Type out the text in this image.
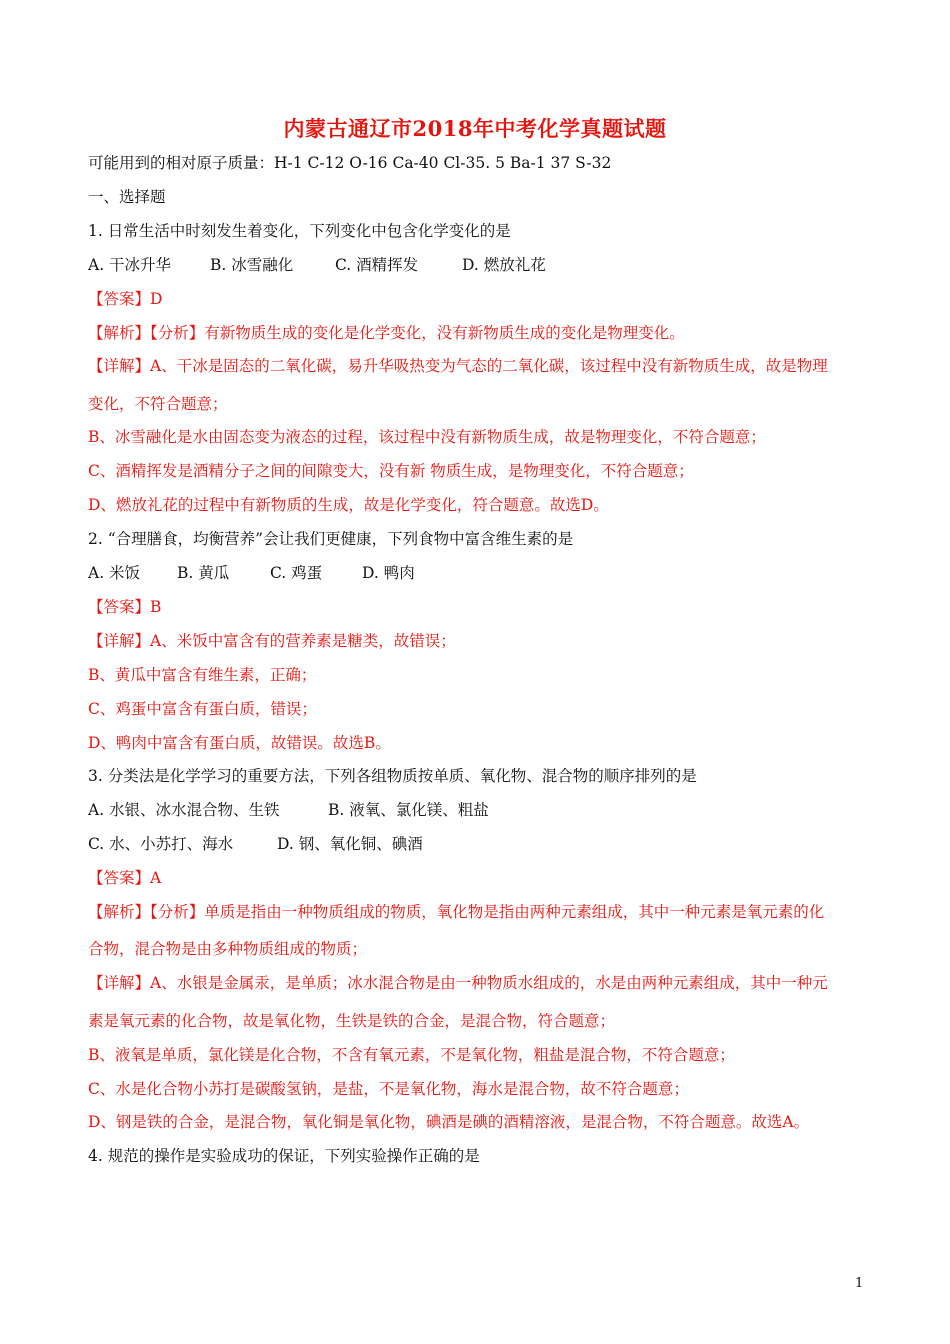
内蒙古通辽市2018年中考化学真题试题
可能用到的相对原子质量：H-1 C-12 O-16 Ca-40 Cl-35. 5 Ba-1 37 S-32
一、选择题
1. 日常生活中时刻发生着变化，下列变化中包含化学变化的是
A. 干冰升华	B. 冰雪融化	C. 酒精挥发	D. 燃放礼花
【答案】D
【解析】【分析】有新物质生成的变化是化学变化，没有新物质生成的变化是物理变化。
【详解】A、干冰是固态的二氧化碳，易升华吸热变为气态的二氧化碳，该过程中没有新物质生成，故是物理
变化，不符合题意；
B、冰雪融化是水由固态变为液态的过程，该过程中没有新物质生成，故是物理变化，不符合题意；
C、酒精挥发是酒精分子之间的间隙变大，没有新 物质生成，是物理变化，不符合题意；
D、燃放礼花的过程中有新物质的生成，故是化学变化，符合题意。故选D。
2. “合理膳食，均衡营养”会让我们更健康，下列食物中富含维生素的是
A. 米饭 B. 黄瓜	C. 鸡蛋	D. 鸭肉
【答案】B
【详解】A、米饭中富含有的营养素是糖类，故错误；
B、黄瓜中富含有维生素，正确；
C、鸡蛋中富含有蛋白质，错误；
D、鸭肉中富含有蛋白质，故错误。故选B。
3. 分类法是化学学习的重要方法，下列各组物质按单质、氧化物、混合物的顺序排列的是
A. 水银、冰水混合物、生铁	B. 液氧、氯化镁、粗盐
C. 水、小苏打、海水	D. 钢、氧化铜、碘酒
【答案】A
【解析】【分析】单质是指由一种物质组成的物质，氧化物是指由两种元素组成，其中一种元素是氧元素的化
合物，混合物是由多种物质组成的物质；
【详解】A、水银是金属汞，是单质；冰水混合物是由一种物质水组成的，水是由两种元素组成，其中一种元
素是氧元素的化合物，故是氧化物，生铁是铁的合金，是混合物，符合题意；
B、液氧是单质，氯化镁是化合物，不含有氧元素，不是氧化物，粗盐是混合物，不符合题意；
C、水是化合物小苏打是碳酸氢钠，是盐，不是氧化物，海水是混合物，故不符合题意；
D、钢是铁的合金，是混合物，氧化铜是氧化物，碘酒是碘的酒精溶液，是混合物，不符合题意。故选A。
4. 规范的操作是实验成功的保证，下列实验操作正确的是
1
